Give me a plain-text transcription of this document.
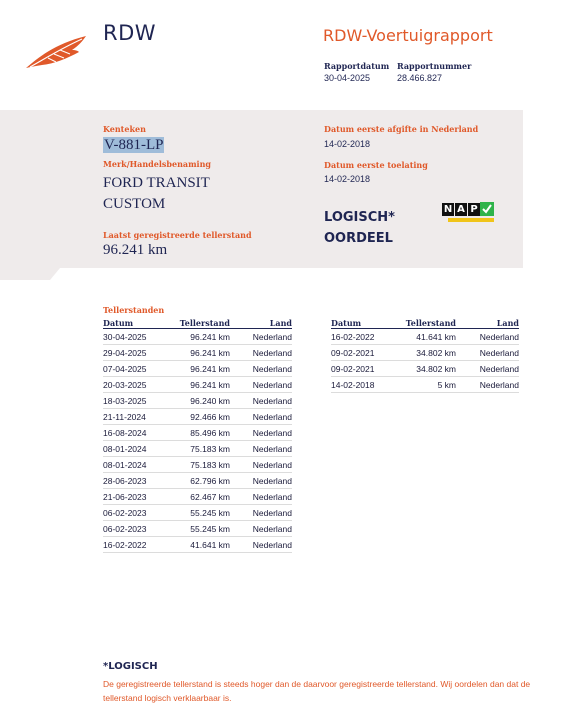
RDW	RDW-Voertuigrapport
Rapportdatum
30-04-2025
Rapportnummer
28.466.827
Kenteken
V-881-LP
Merk/Handelsbenaming
FORD TRANSIT
CUSTOM
Laatst geregistreerde tellerstand
96.241 km
Datum eerste afgifte in Nederland
14-02-2018
Datum eerste toelating
14-02-2018
LOGISCH*
OORDEEL
N A P
Tellerstanden
Datum	Tellerstand	Land
30-04-2025	96.241 km	Nederland
29-04-2025	96.241 km	Nederland
07-04-2025	96.241 km	Nederland
20-03-2025	96.241 km	Nederland
18-03-2025	96.240 km	Nederland
21-11-2024	92.466 km	Nederland
16-08-2024	85.496 km	Nederland
08-01-2024	75.183 km	Nederland
08-01-2024	75.183 km	Nederland
28-06-2023	62.796 km	Nederland
21-06-2023	62.467 km	Nederland
06-02-2023	55.245 km	Nederland
06-02-2023	55.245 km	Nederland
16-02-2022	41.641 km	Nederland
Datum	Tellerstand	Land
16-02-2022	41.641 km	Nederland
09-02-2021	34.802 km	Nederland
09-02-2021	34.802 km	Nederland
14-02-2018	5 km	Nederland
*LOGISCH
De geregistreerde tellerstand is steeds hoger dan de daarvoor geregistreerde tellerstand. Wij oordelen dan dat de tellerstand logisch verklaarbaar is.
